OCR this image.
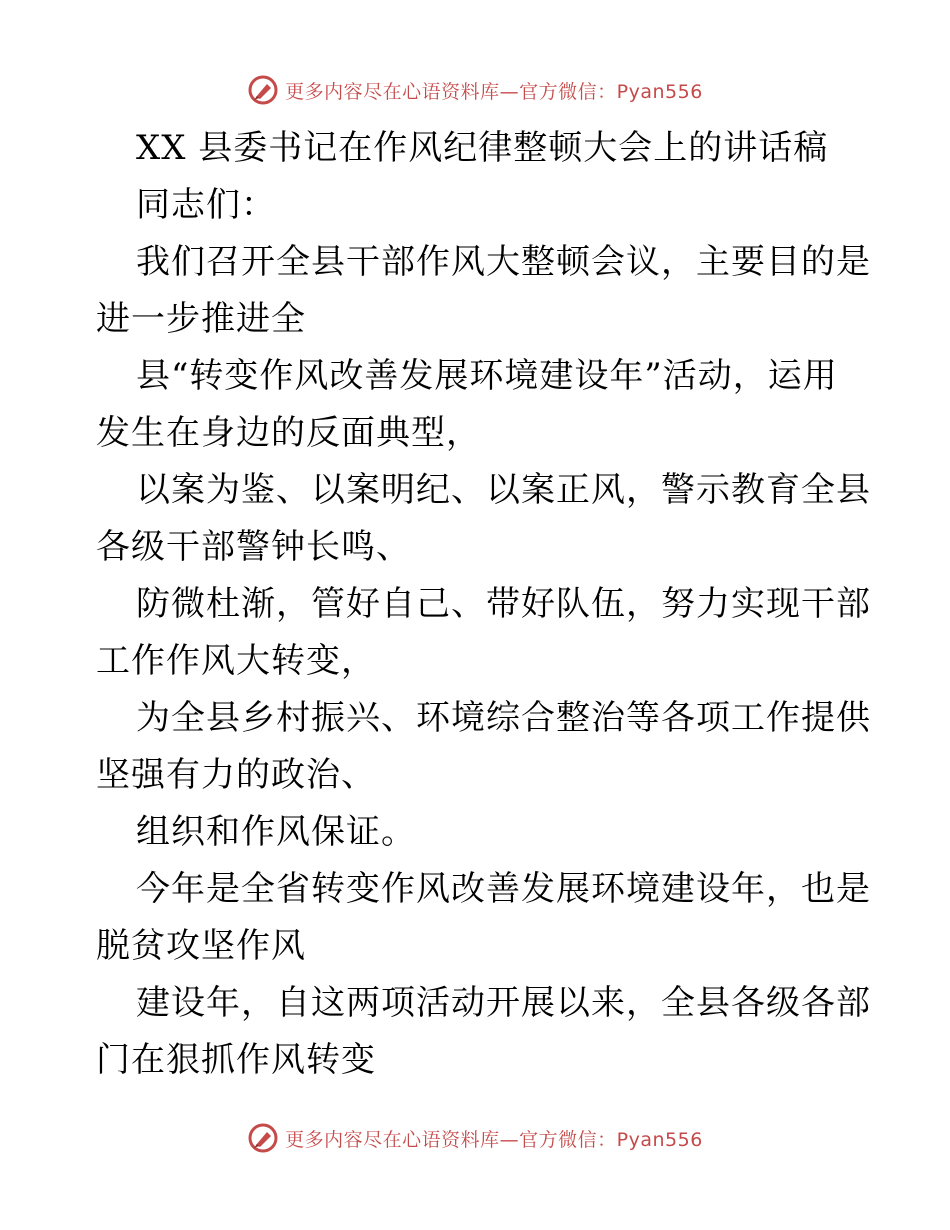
更多内容尽在心语资料库—官方微信：Pyan556
XX 县委书记在作风纪律整顿大会上的讲话稿
同志们：
我们召开全县干部作风大整顿会议，主要目的是
进一步推进全
县“转变作风改善发展环境建设年”活动，运用
发生在身边的反面典型，
以案为鉴、以案明纪、以案正风，警示教育全县
各级干部警钟长鸣、
防微杜渐，管好自己、带好队伍，努力实现干部
工作作风大转变，
为全县乡村振兴、环境综合整治等各项工作提供
坚强有力的政治、
组织和作风保证。
今年是全省转变作风改善发展环境建设年，也是
脱贫攻坚作风
建设年，自这两项活动开展以来，全县各级各部
门在狠抓作风转变
更多内容尽在心语资料库—官方微信：Pyan556
